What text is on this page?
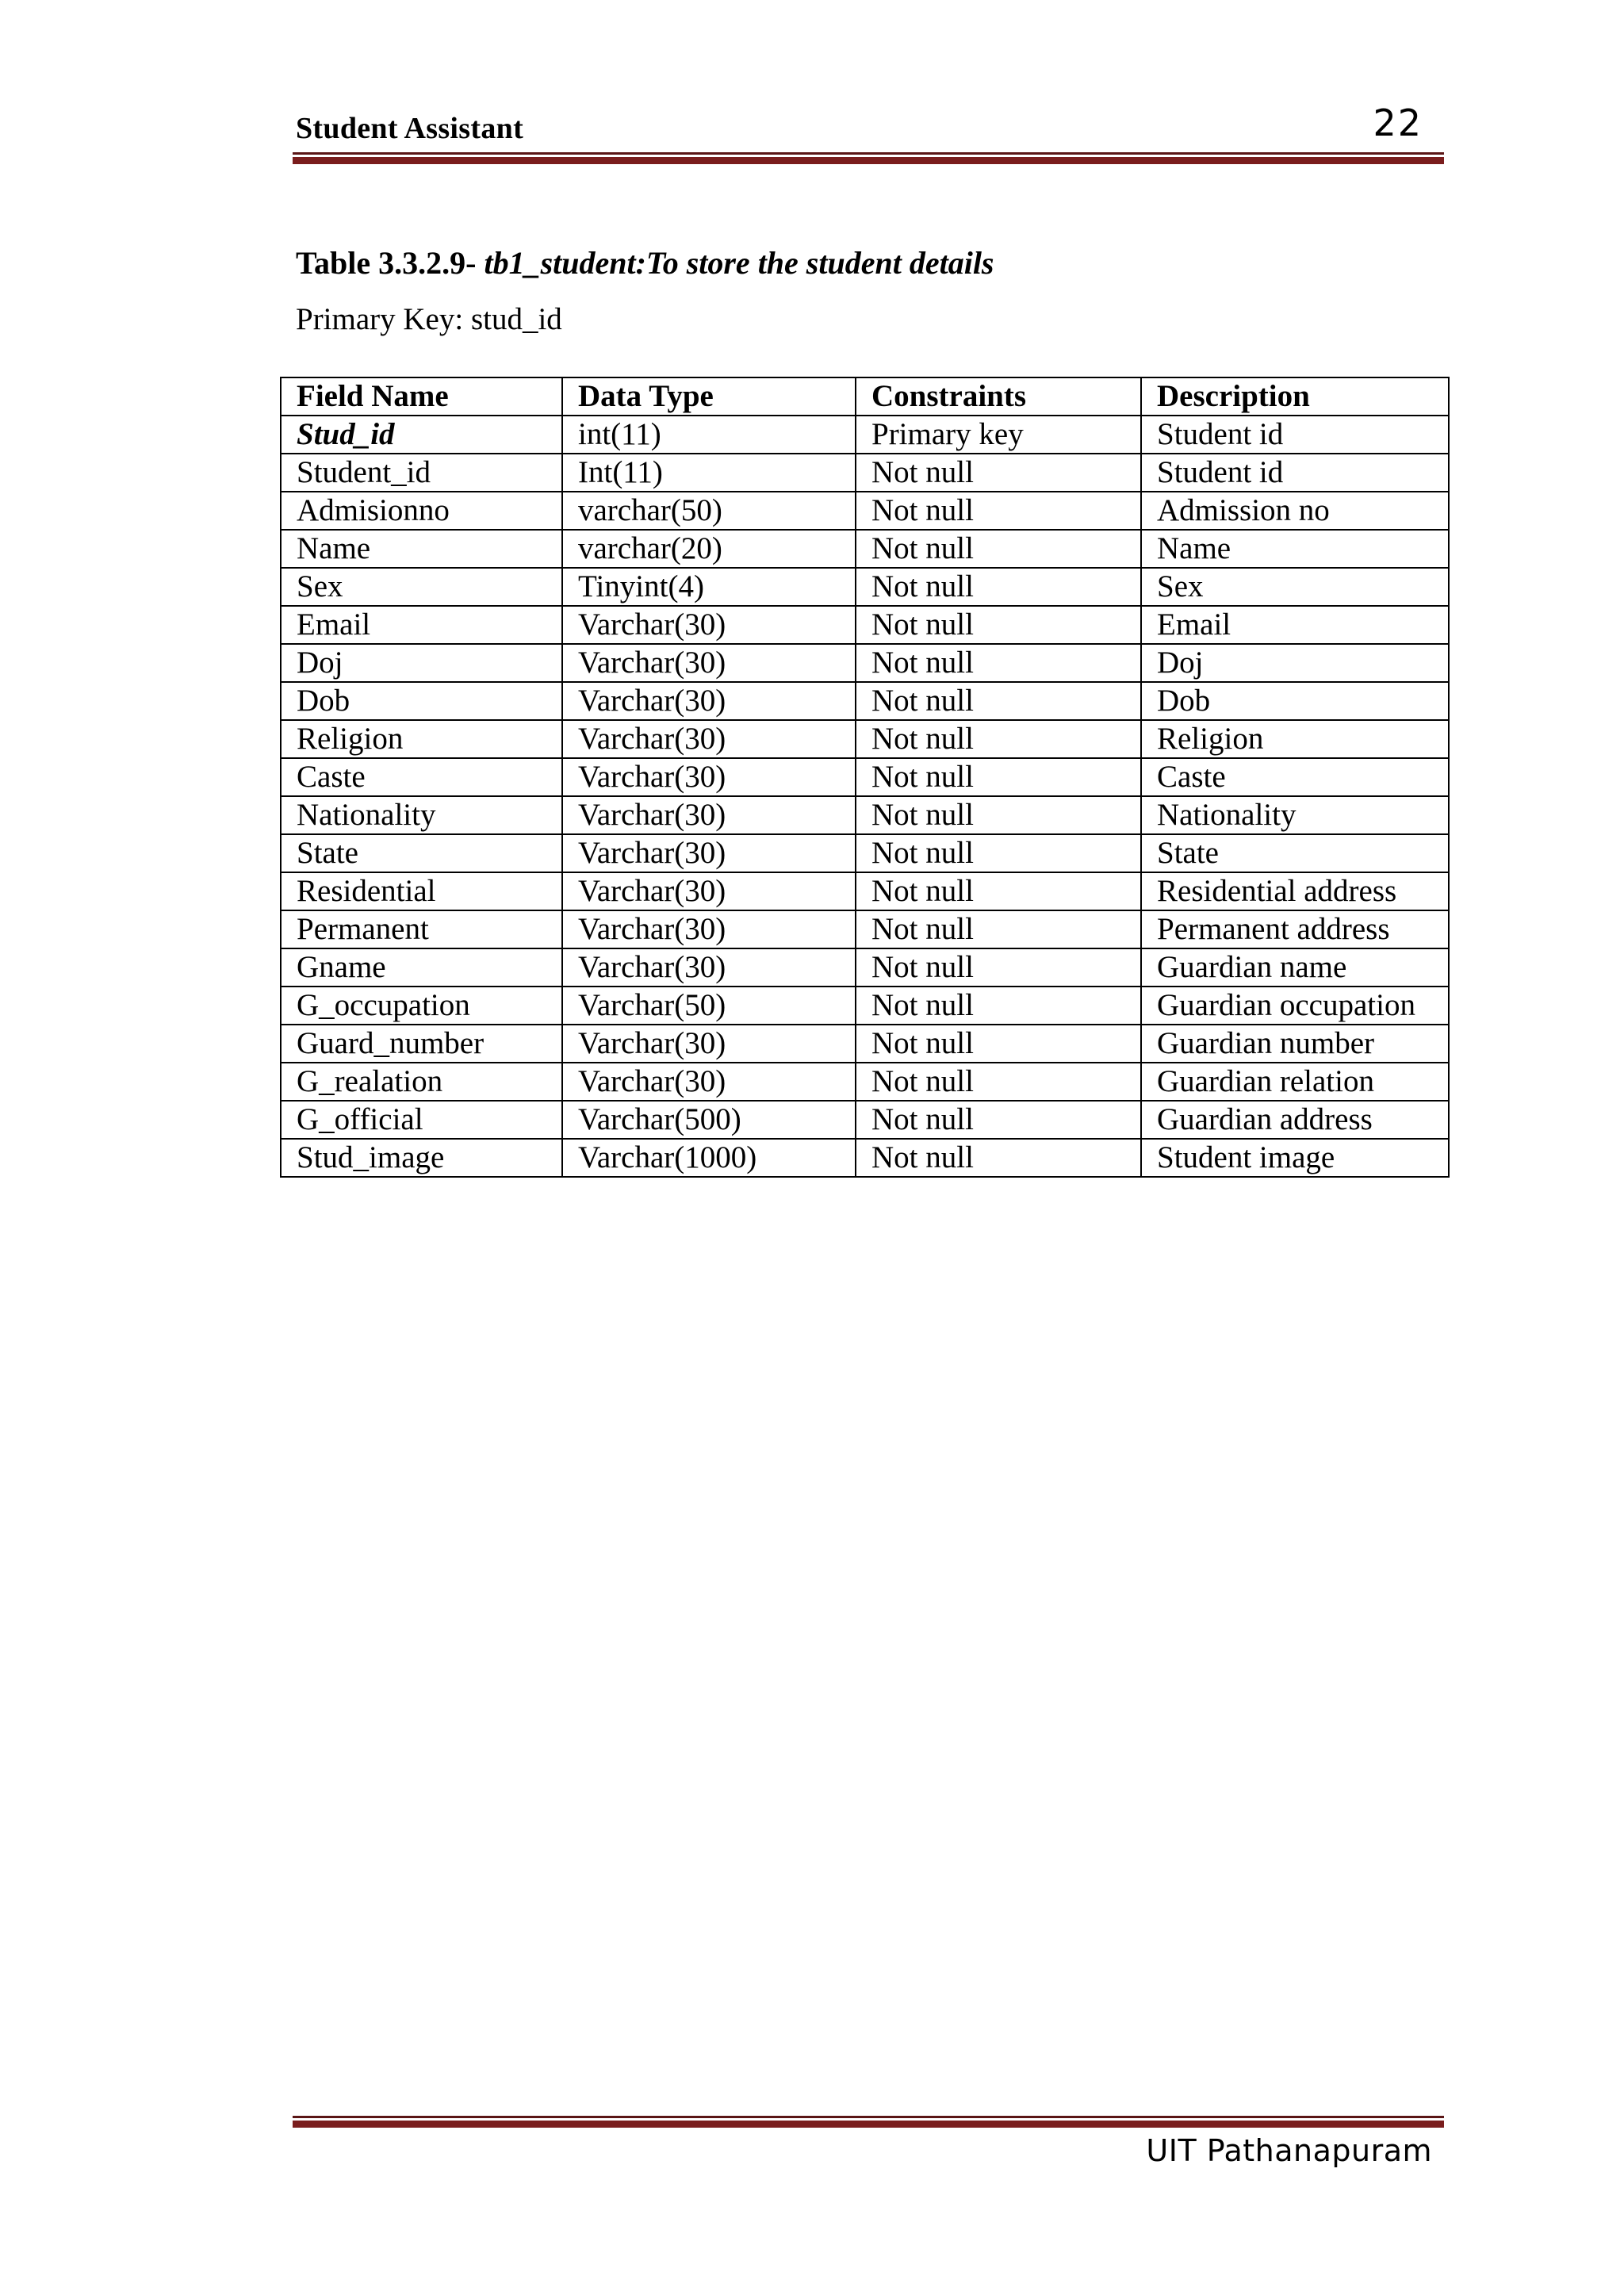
Student Assistant	22
Table 3.3.2.9- tb1_student:To store the student details
Primary Key: stud_id
Field Name	Data Type	Constraints	Description
Stud_id	int(11)	Primary key	Student id
Student_id	Int(11)	Not null	Student id
Admisionno	varchar(50)	Not null	Admission no
Name	varchar(20)	Not null	Name
Sex	Tinyint(4)	Not null	Sex
Email	Varchar(30)	Not null	Email
Doj	Varchar(30)	Not null	Doj
Dob	Varchar(30)	Not null	Dob
Religion	Varchar(30)	Not null	Religion
Caste	Varchar(30)	Not null	Caste
Nationality	Varchar(30)	Not null	Nationality
State	Varchar(30)	Not null	State
Residential	Varchar(30)	Not null	Residential address
Permanent	Varchar(30)	Not null	Permanent address
Gname	Varchar(30)	Not null	Guardian name
G_occupation	Varchar(50)	Not null	Guardian occupation
Guard_number	Varchar(30)	Not null	Guardian number
G_realation	Varchar(30)	Not null	Guardian relation
G_official	Varchar(500)	Not null	Guardian address
Stud_image	Varchar(1000)	Not null	Student image
UIT Pathanapuram
